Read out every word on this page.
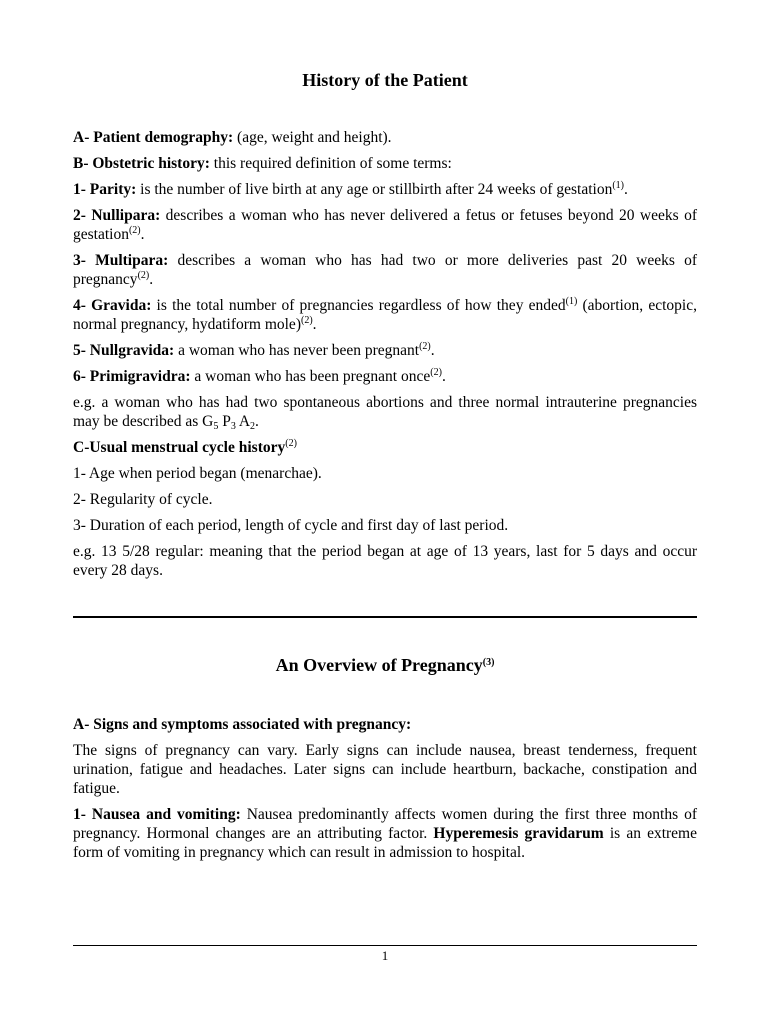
History of the Patient

A- Patient demography: (age, weight and height).

B- Obstetric history: this required definition of some terms:

1- Parity: is the number of live birth at any age or stillbirth after 24 weeks of gestation$^{(1)}$.

2- Nullipara: describes a woman who has never delivered a fetus or fetuses beyond 20 weeks of gestation$^{(2)}$.

3- Multipara: describes a woman who has had two or more deliveries past 20 weeks of pregnancy$^{(2)}$.

4- Gravida: is the total number of pregnancies regardless of how they ended$^{(1)}$ (abortion, ectopic, normal pregnancy, hydatiform mole)$^{(2)}$.

5- Nullgravida: a woman who has never been pregnant$^{(2)}$.

6- Primigravidra: a woman who has been pregnant once$^{(2)}$.

e.g. a woman who has had two spontaneous abortions and three normal intrauterine pregnancies may be described as $G_5$ $P_3$ $A_2$.

C-Usual menstrual cycle history$^{(2)}$

1- Age when period began (menarchae).

2- Regularity of cycle.

3- Duration of each period, length of cycle and first day of last period.

e.g. 13 5/28 regular: meaning that the period began at age of 13 years, last for 5 days and occur every 28 days.

An Overview of Pregnancy$^{(3)}$

A- Signs and symptoms associated with pregnancy:

The signs of pregnancy can vary. Early signs can include nausea, breast tenderness, frequent urination, fatigue and headaches. Later signs can include heartburn, backache, constipation and fatigue.

1- Nausea and vomiting: Nausea predominantly affects women during the first three months of pregnancy. Hormonal changes are an attributing factor. Hyperemesis gravidarum is an extreme form of vomiting in pregnancy which can result in admission to hospital.

1
